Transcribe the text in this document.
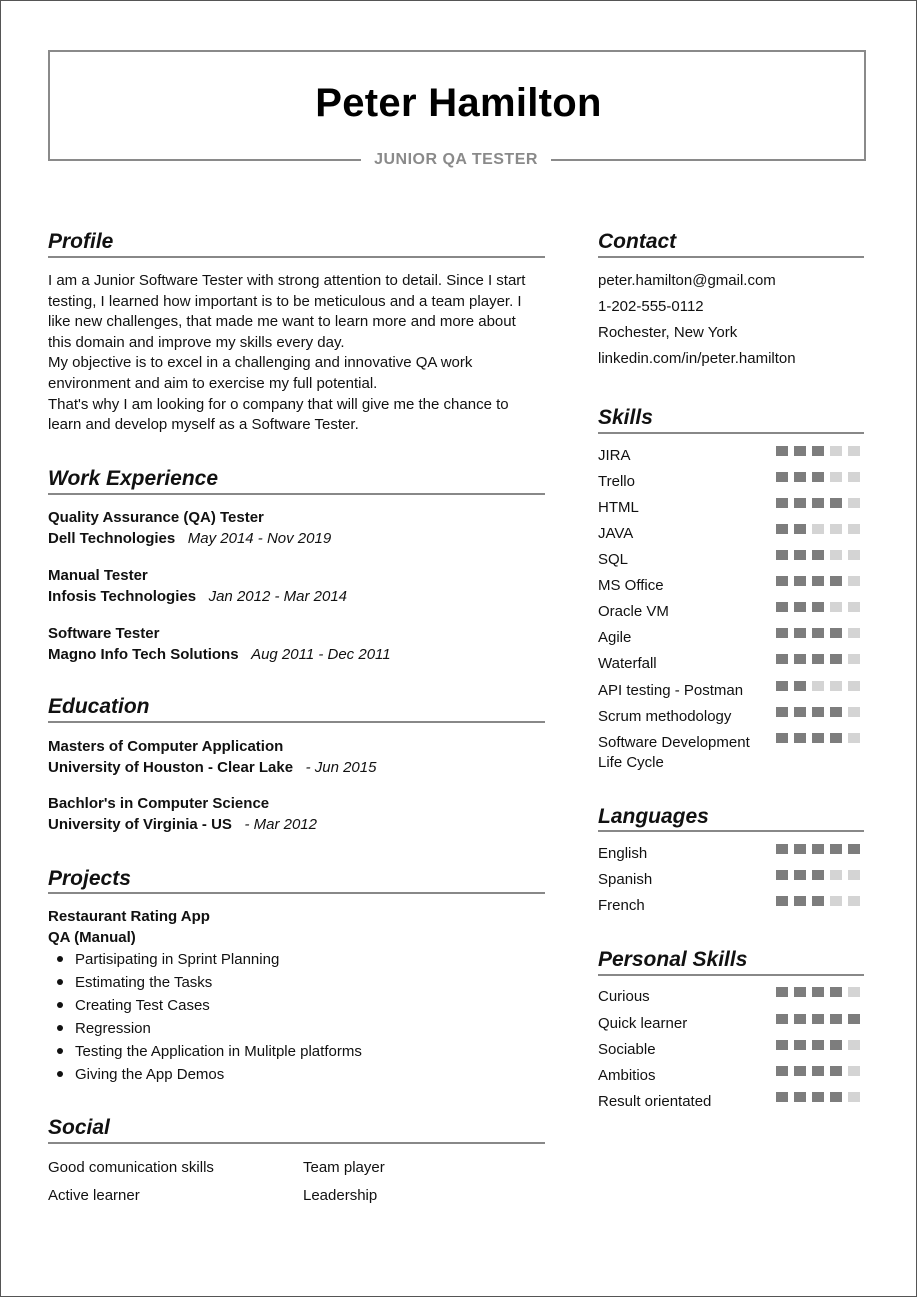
Peter Hamilton
JUNIOR QA TESTER
Profile
I am a Junior Software Tester with strong attention to detail. Since I start
testing, I learned how important is to be meticulous and a team player. I
like new challenges, that made me want to learn more and more about
this domain and improve my skills every day.
My objective is to excel in a challenging and innovative QA work
environment and aim to exercise my full potential.
That's why I am looking for o company that will give me the chance to
learn and develop myself as a Software Tester.
Work Experience
Quality Assurance (QA) Tester
Dell Technologies May 2014 - Nov 2019
Manual Tester
Infosis Technologies Jan 2012 - Mar 2014
Software Tester
Magno Info Tech Solutions Aug 2011 - Dec 2011
Education
Masters of Computer Application
University of Houston - Clear Lake - Jun 2015
Bachlor's in Computer Science
University of Virginia - US - Mar 2012
Projects
Restaurant Rating App
QA (Manual)
Partisipating in Sprint Planning
Estimating the Tasks
Creating Test Cases
Regression
Testing the Application in Mulitple platforms
Giving the App Demos
Social
Good comunication skills	Team player
Active learner	Leadership
Contact
peter.hamilton@gmail.com
1-202-555-0112
Rochester, New York
linkedin.com/in/peter.hamilton
Skills
JIRA
Trello
HTML
JAVA
SQL
MS Office
Oracle VM
Agile
Waterfall
API testing - Postman
Scrum methodology
Software Development
Life Cycle
Languages
English
Spanish
French
Personal Skills
Curious
Quick learner
Sociable
Ambitios
Result orientated
